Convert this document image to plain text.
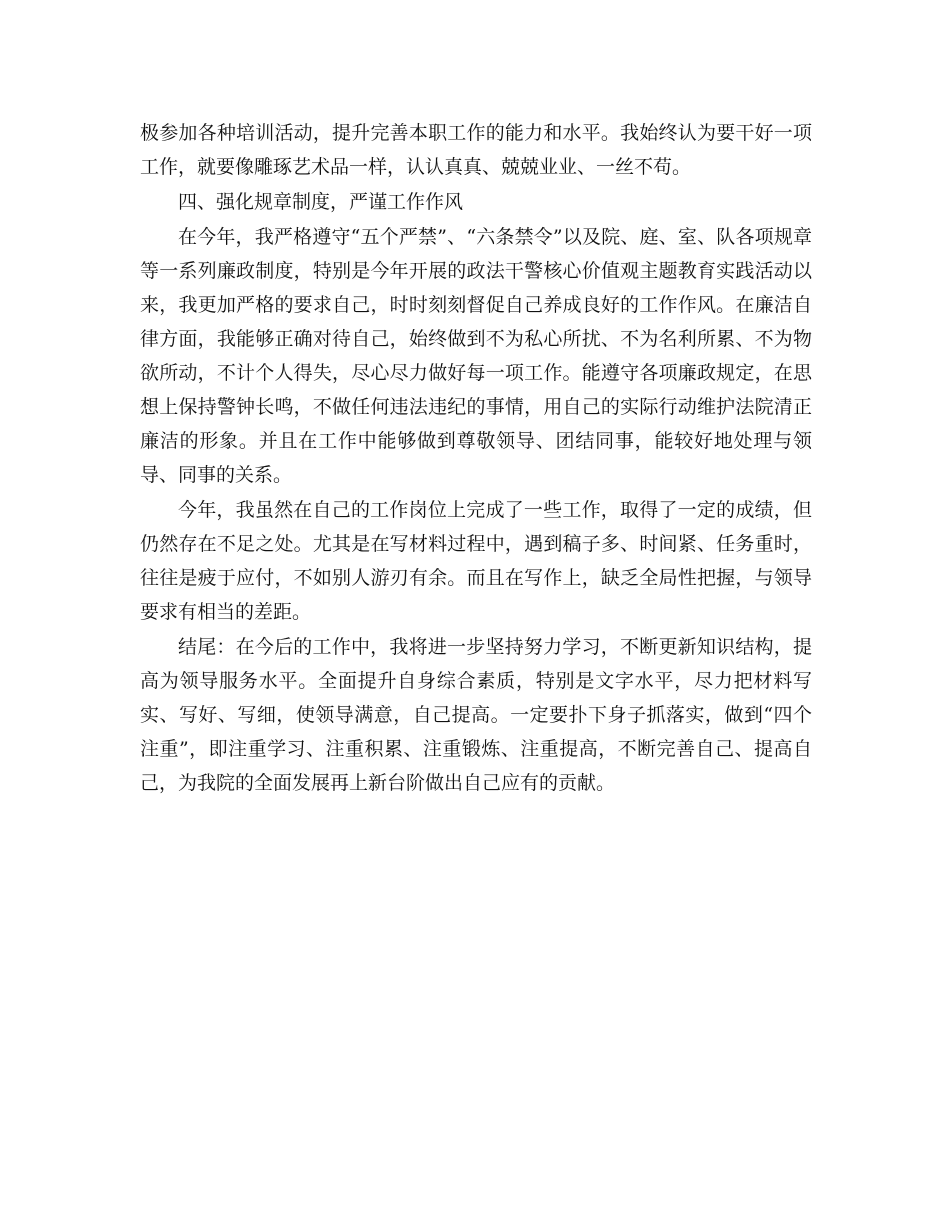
极参加各种培训活动，提升完善本职工作的能力和水平。我始终认为要干好一项工作，就要像雕琢艺术品一样，认认真真、兢兢业业、一丝不苟。

四、强化规章制度，严谨工作作风

在今年，我严格遵守“五个严禁”、“六条禁令”以及院、庭、室、队各项规章等一系列廉政制度，特别是今年开展的政法干警核心价值观主题教育实践活动以来，我更加严格的要求自己，时时刻刻督促自己养成良好的工作作风。在廉洁自律方面，我能够正确对待自己，始终做到不为私心所扰、不为名利所累、不为物欲所动，不计个人得失，尽心尽力做好每一项工作。能遵守各项廉政规定，在思想上保持警钟长鸣，不做任何违法违纪的事情，用自己的实际行动维护法院清正廉洁的形象。并且在工作中能够做到尊敬领导、团结同事，能较好地处理与领导、同事的关系。

今年，我虽然在自己的工作岗位上完成了一些工作，取得了一定的成绩，但仍然存在不足之处。尤其是在写材料过程中，遇到稿子多、时间紧、任务重时，往往是疲于应付，不如别人游刃有余。而且在写作上，缺乏全局性把握，与领导要求有相当的差距。

结尾：在今后的工作中，我将进一步坚持努力学习，不断更新知识结构，提高为领导服务水平。全面提升自身综合素质，特别是文字水平，尽力把材料写实、写好、写细，使领导满意，自己提高。一定要扑下身子抓落实，做到“四个注重”，即注重学习、注重积累、注重锻炼、注重提高，不断完善自己、提高自己，为我院的全面发展再上新台阶做出自己应有的贡献。
